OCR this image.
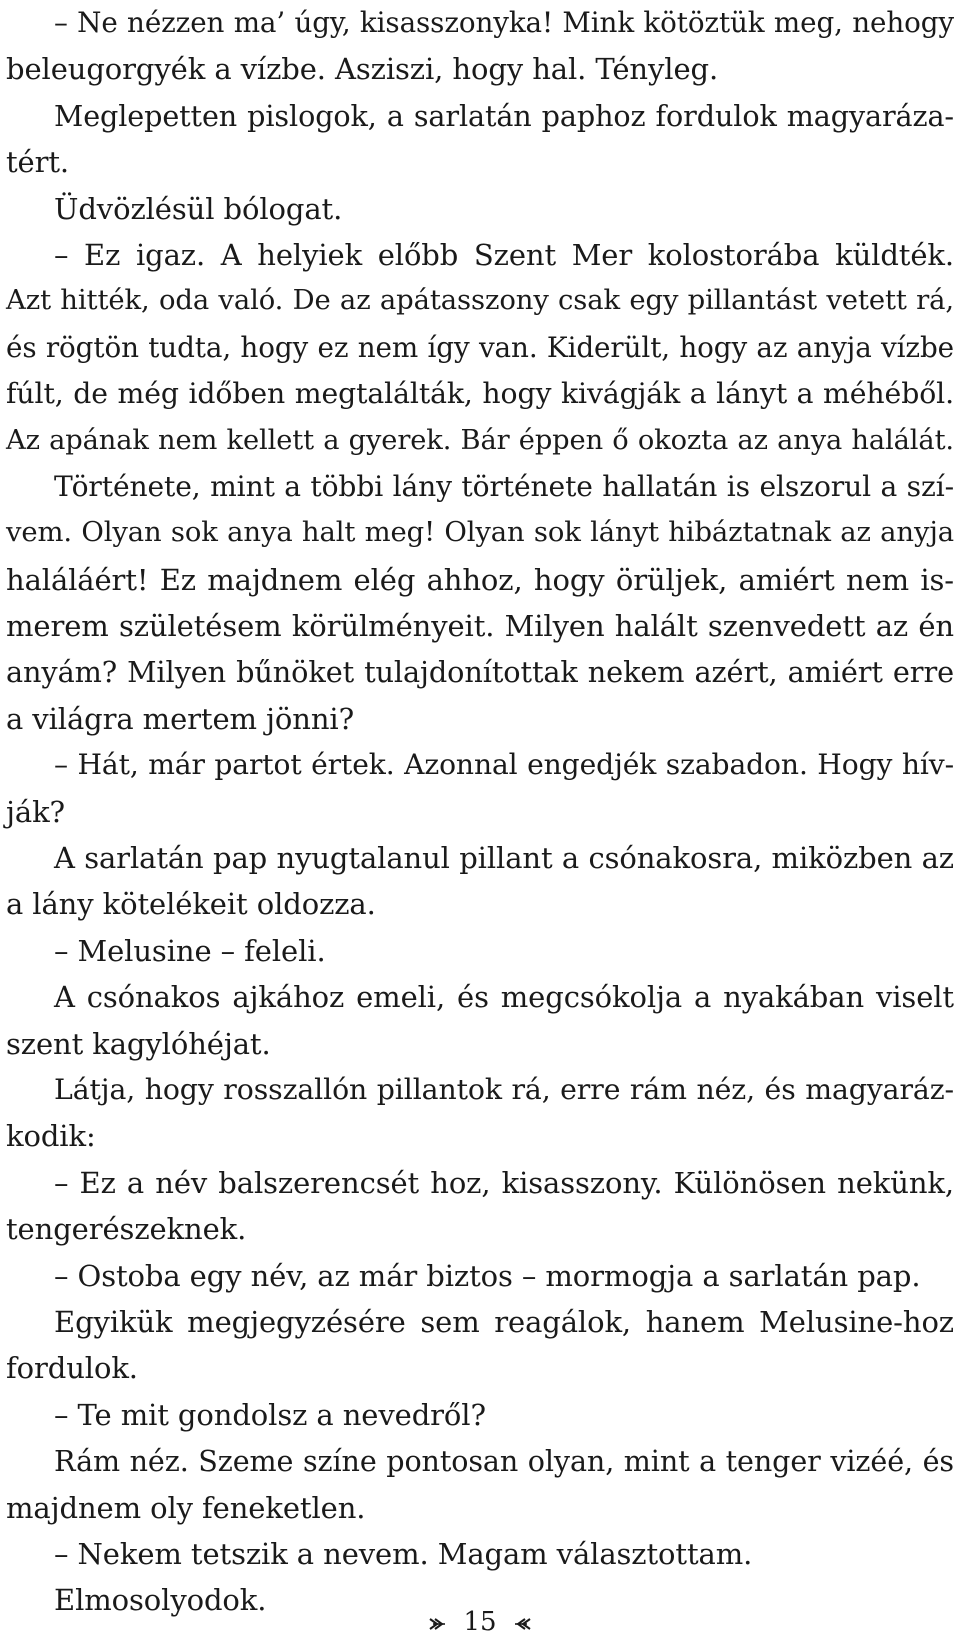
– Ne nézzen ma’ úgy, kisasszonyka! Mink kötöztük meg, nehogy
beleugorgyék a vízbe. Asziszi, hogy hal. Tényleg.
Meglepetten pislogok, a sarlatán paphoz fordulok magyaráza-
tért.
Üdvözlésül bólogat.
– Ez igaz. A helyiek előbb Szent Mer kolostorába küldték.
Azt hitték, oda való. De az apátasszony csak egy pillantást vetett rá,
és rögtön tudta, hogy ez nem így van. Kiderült, hogy az anyja vízbe
fúlt, de még időben megtalálták, hogy kivágják a lányt a méhéből.
Az apának nem kellett a gyerek. Bár éppen ő okozta az anya halálát.
Története, mint a többi lány története hallatán is elszorul a szí-
vem. Olyan sok anya halt meg! Olyan sok lányt hibáztatnak az anyja
haláláért! Ez majdnem elég ahhoz, hogy örüljek, amiért nem is-
merem születésem körülményeit. Milyen halált szenvedett az én
anyám? Milyen bűnöket tulajdonítottak nekem azért, amiért erre
a világra mertem jönni?
– Hát, már partot értek. Azonnal engedjék szabadon. Hogy hív-
ják?
A sarlatán pap nyugtalanul pillant a csónakosra, miközben az
a lány kötelékeit oldozza.
– Melusine – feleli.
A csónakos ajkához emeli, és megcsókolja a nyakában viselt
szent kagylóhéjat.
Látja, hogy rosszallón pillantok rá, erre rám néz, és magyaráz-
kodik:
– Ez a név balszerencsét hoz, kisasszony. Különösen nekünk,
tengerészeknek.
– Ostoba egy név, az már biztos – mormogja a sarlatán pap.
Egyikük megjegyzésére sem reagálok, hanem Melusine-hoz
fordulok.
– Te mit gondolsz a nevedről?
Rám néz. Szeme színe pontosan olyan, mint a tenger vizéé, és
majdnem oly feneketlen.
– Nekem tetszik a nevem. Magam választottam.
Elmosolyodok.
15
